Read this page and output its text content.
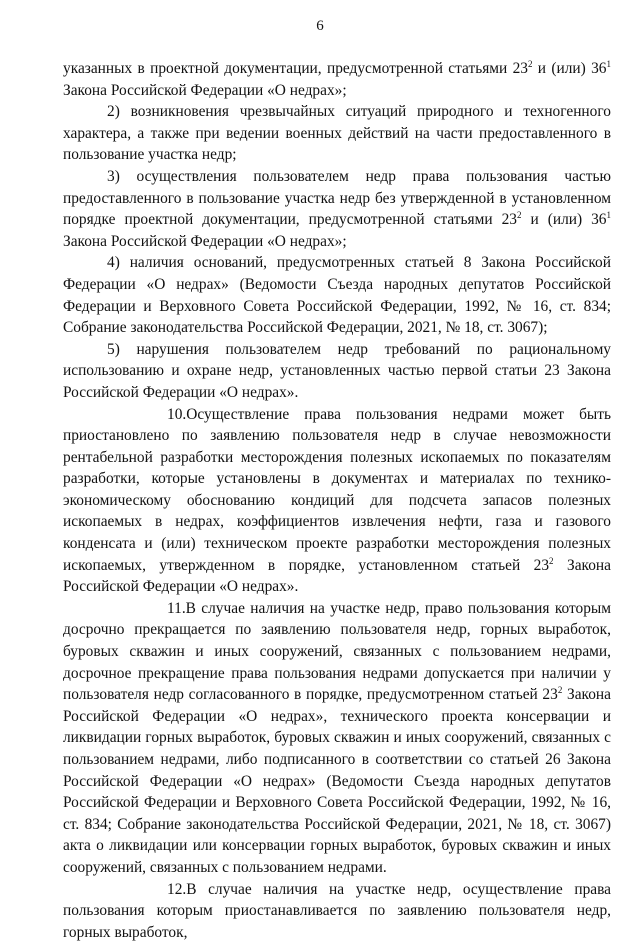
6

указанных в проектной документации, предусмотренной статьями $23^2$ и (или) $36^1$ Закона Российской Федерации «О недрах»;

2) возникновения чрезвычайных ситуаций природного и техногенного характера, а также при ведении военных действий на части предоставленного в пользование участка недр;

3) осуществления пользователем недр права пользования частью предоставленного в пользование участка недр без утвержденной в установленном порядке проектной документации, предусмотренной статьями $23^2$ и (или) $36^1$ Закона Российской Федерации «О недрах»;

4) наличия оснований, предусмотренных статьей 8 Закона Российской Федерации «О недрах» (Ведомости Съезда народных депутатов Российской Федерации и Верховного Совета Российской Федерации, 1992, № 16, ст. 834; Собрание законодательства Российской Федерации, 2021, № 18, ст. 3067);

5) нарушения пользователем недр требований по рациональному использованию и охране недр, установленных частью первой статьи 23 Закона Российской Федерации «О недрах».

10.Осуществление права пользования недрами может быть приостановлено по заявлению пользователя недр в случае невозможности рентабельной разработки месторождения полезных ископаемых по показателям разработки, которые установлены в документах и материалах по технико-экономическому обоснованию кондиций для подсчета запасов полезных ископаемых в недрах, коэффициентов извлечения нефти, газа и газового конденсата и (или) техническом проекте разработки месторождения полезных ископаемых, утвержденном в порядке, установленном статьей $23^2$ Закона Российской Федерации «О недрах».

11.В случае наличия на участке недр, право пользования которым досрочно прекращается по заявлению пользователя недр, горных выработок, буровых скважин и иных сооружений, связанных с пользованием недрами, досрочное прекращение права пользования недрами допускается при наличии у пользователя недр согласованного в порядке, предусмотренном статьей $23^2$ Закона Российской Федерации «О недрах», технического проекта консервации и ликвидации горных выработок, буровых скважин и иных сооружений, связанных с пользованием недрами, либо подписанного в соответствии со статьей 26 Закона Российской Федерации «О недрах» (Ведомости Съезда народных депутатов Российской Федерации и Верховного Совета Российской Федерации, 1992, № 16, ст. 834; Собрание законодательства Российской Федерации, 2021, № 18, ст. 3067) акта о ликвидации или консервации горных выработок, буровых скважин и иных сооружений, связанных с пользованием недрами.

12.В случае наличия на участке недр, осуществление права пользования которым приостанавливается по заявлению пользователя недр, горных выработок,
